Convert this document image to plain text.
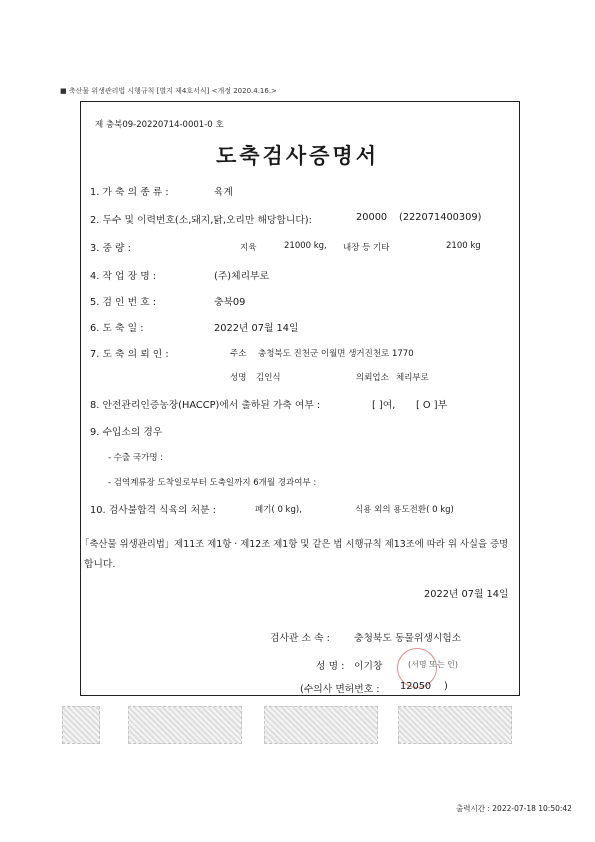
■ 축산물 위생관리법 시행규칙 [별지 제4호서식] <개정 2020.4.16.>
제 충북09-20220714-0001-0 호
도축검사증명서
1. 가 축 의 종 류 :	육계
2. 두수 및 이력번호(소,돼지,닭,오리만 해당합니다):	20000 (222071400309)
3. 중 량 :	지육	21000 kg, 내장 등 기타	2100 kg
4. 작 업 장 명 :	(주)체리부로
5. 검 인 번 호 :	충북09
6. 도 축 일 :	2022년 07월 14일
7. 도 축 의 뢰 인 :	주소 충청북도 진천군 이월면 생거진천로 1770
성명 김인식	의뢰업소 체리부로
8. 안전관리인증농장(HACCP)에서 출하된 가축 여부 :	[ ]여, [ O ]부
9. 수입소의 경우
- 수출 국가명 :
- 검역계류장 도착일로부터 도축일까지 6개월 경과여부 :
10. 검사불합격 식육의 처분 :	폐기( 0 kg),	식용 외의 용도전환( 0 kg)
「축산물 위생관리법」제11조 제1항 · 제12조 제1항 및 같은 법 시행규칙 제13조에 따라 위 사실을 증명
합니다.
2022년 07월 14일
검사관 소 속 : 충청북도 동물위생시험소
성 명 : 이기창	(서명 또는 인)
(수의사 면허번호 : 12050 )
출력시간 : 2022-07-18 10:50:42
